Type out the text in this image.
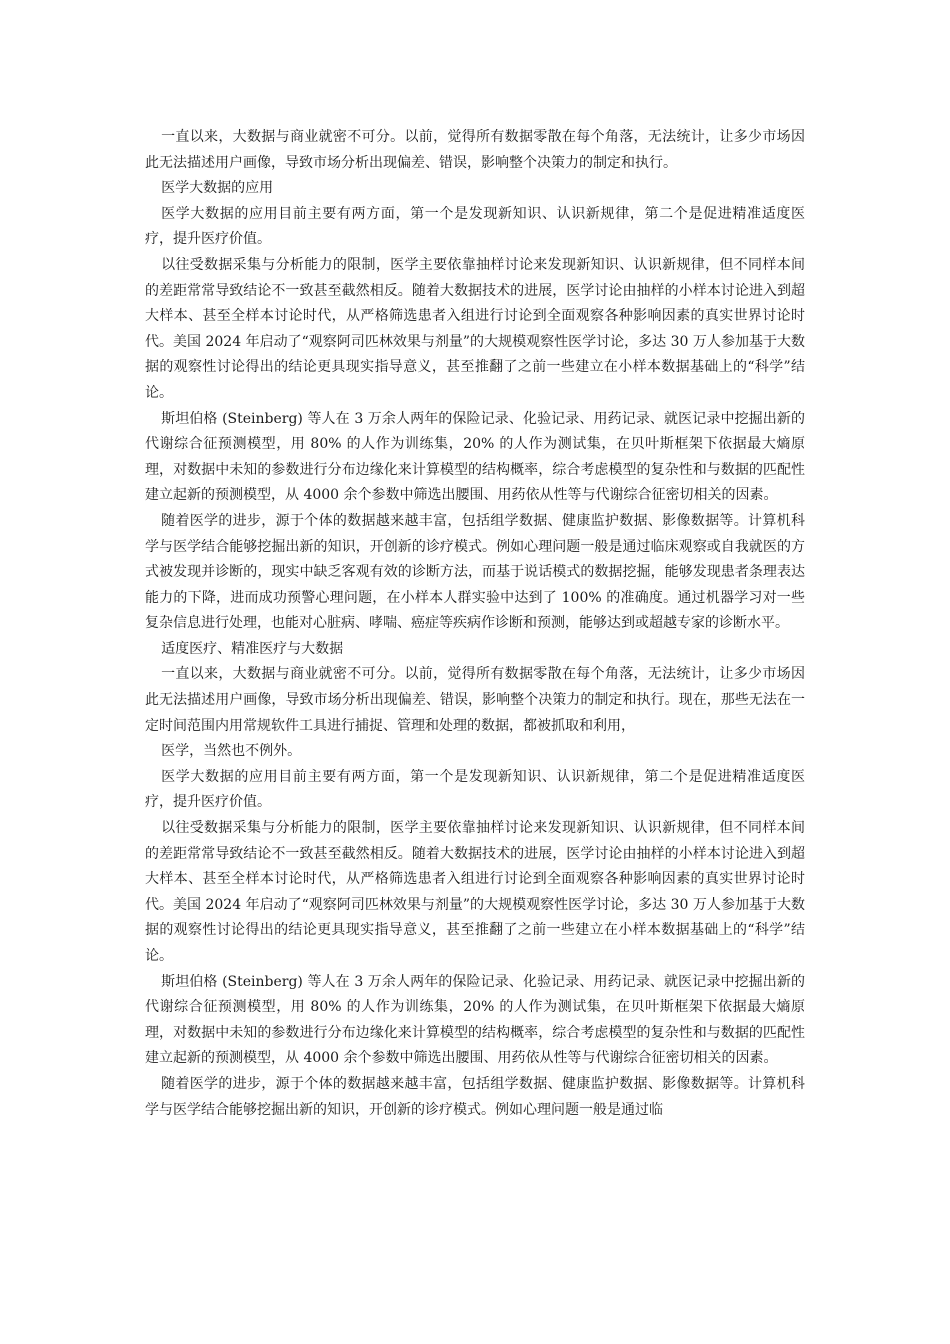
一直以来，大数据与商业就密不可分。以前，觉得所有数据零散在每个角落，无法统计，让多少市场因此无法描述用户画像，导致市场分析出现偏差、错误，影响整个决策力的制定和执行。

医学大数据的应用

医学大数据的应用目前主要有两方面，第一个是发现新知识、认识新规律，第二个是促进精准适度医疗，提升医疗价值。

以往受数据采集与分析能力的限制，医学主要依靠抽样讨论来发现新知识、认识新规律，但不同样本间的差距常常导致结论不一致甚至截然相反。随着大数据技术的进展，医学讨论由抽样的小样本讨论进入到超大样本、甚至全样本讨论时代，从严格筛选患者入组进行讨论到全面观察各种影响因素的真实世界讨论时代。美国 2024 年启动了“观察阿司匹林效果与剂量”的大规模观察性医学讨论，多达 30 万人参加基于大数据的观察性讨论得出的结论更具现实指导意义，甚至推翻了之前一些建立在小样本数据基础上的“科学”结论。

斯坦伯格 (Steinberg) 等人在 3 万余人两年的保险记录、化验记录、用药记录、就医记录中挖掘出新的代谢综合征预测模型，用 80% 的人作为训练集，20% 的人作为测试集，在贝叶斯框架下依据最大熵原理，对数据中未知的参数进行分布边缘化来计算模型的结构概率，综合考虑模型的复杂性和与数据的匹配性建立起新的预测模型，从 4000 余个参数中筛选出腰围、用药依从性等与代谢综合征密切相关的因素。

随着医学的进步，源于个体的数据越来越丰富，包括组学数据、健康监护数据、影像数据等。计算机科学与医学结合能够挖掘出新的知识，开创新的诊疗模式。例如心理问题一般是通过临床观察或自我就医的方式被发现并诊断的，现实中缺乏客观有效的诊断方法，而基于说话模式的数据挖掘，能够发现患者条理表达能力的下降，进而成功预警心理问题，在小样本人群实验中达到了 100% 的准确度。通过机器学习对一些复杂信息进行处理，也能对心脏病、哮喘、癌症等疾病作诊断和预测，能够达到或超越专家的诊断水平。

适度医疗、精准医疗与大数据

一直以来，大数据与商业就密不可分。以前，觉得所有数据零散在每个角落，无法统计，让多少市场因此无法描述用户画像，导致市场分析出现偏差、错误，影响整个决策力的制定和执行。现在，那些无法在一定时间范围内用常规软件工具进行捕捉、管理和处理的数据，都被抓取和利用，

医学，当然也不例外。

医学大数据的应用目前主要有两方面，第一个是发现新知识、认识新规律，第二个是促进精准适度医疗，提升医疗价值。

以往受数据采集与分析能力的限制，医学主要依靠抽样讨论来发现新知识、认识新规律，但不同样本间的差距常常导致结论不一致甚至截然相反。随着大数据技术的进展，医学讨论由抽样的小样本讨论进入到超大样本、甚至全样本讨论时代，从严格筛选患者入组进行讨论到全面观察各种影响因素的真实世界讨论时代。美国 2024 年启动了“观察阿司匹林效果与剂量”的大规模观察性医学讨论，多达 30 万人参加基于大数据的观察性讨论得出的结论更具现实指导意义，甚至推翻了之前一些建立在小样本数据基础上的“科学”结论。

斯坦伯格 (Steinberg) 等人在 3 万余人两年的保险记录、化验记录、用药记录、就医记录中挖掘出新的代谢综合征预测模型，用 80% 的人作为训练集，20% 的人作为测试集，在贝叶斯框架下依据最大熵原理，对数据中未知的参数进行分布边缘化来计算模型的结构概率，综合考虑模型的复杂性和与数据的匹配性建立起新的预测模型，从 4000 余个参数中筛选出腰围、用药依从性等与代谢综合征密切相关的因素。

随着医学的进步，源于个体的数据越来越丰富，包括组学数据、健康监护数据、影像数据等。计算机科学与医学结合能够挖掘出新的知识，开创新的诊疗模式。例如心理问题一般是通过临
